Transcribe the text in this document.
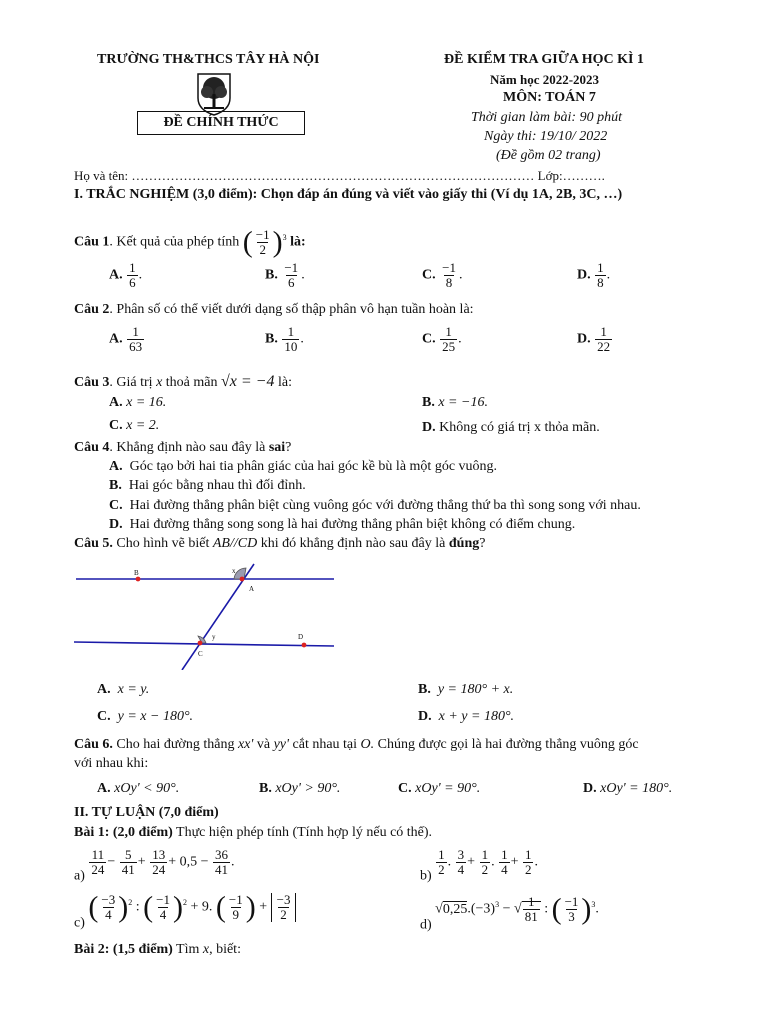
TRƯỜNG TH&THCS TÂY HÀ NỘI
ĐỀ CHÍNH THỨC
ĐỀ KIỂM TRA GIỮA HỌC KÌ 1
Năm học 2022-2023
MÔN: TOÁN 7
Thời gian làm bài: 90 phút
Ngày thi: 19/10/ 2022
(Đề gồm 02 trang)
Họ và tên: ………………………………………………………………………………… Lớp:……….
I. TRẮC NGHIỆM (3,0 điểm): Chọn đáp án đúng và viết vào giấy thi (Ví dụ 1A, 2B, 3C, …)
Câu 1. Kết quả của phép tính ( $\frac{-1}{2} )^3$ là:
A. $\frac{1}{6}$ .	B. $\frac{-1}{6}$ .	C. $\frac{-1}{8}$ .	D. $\frac{1}{8}$ .
Câu 2. Phân số có thể viết dưới dạng số thập phân vô hạn tuần hoàn là:
A. $\frac{1}{63}$	B. $\frac{1}{10}$ .	C. $\frac{1}{25}$ .	D. $\frac{1}{22}$
Câu 3. Giá trị x thoả mãn √x = −4 là:
A. x = 16.	B. x = −16.
C. x = 2.	D. Không có giá trị x thỏa mãn.
Câu 4. Khẳng định nào sau đây là sai?
A. Góc tạo bởi hai tia phân giác của hai góc kề bù là một góc vuông.
B. Hai góc bằng nhau thì đối đỉnh.
C. Hai đường thẳng phân biệt cùng vuông góc với đường thẳng thứ ba thì song song với nhau.
D. Hai đường thẳng song song là hai đường thẳng phân biệt không có điểm chung.
Câu 5. Cho hình vẽ biết AB//CD khi đó khẳng định nào sau đây là đúng?
B	x
A
y
C
D
A. x = y.	B. y = 180° + x.
C. y = x − 180°.	D. x + y = 180°.
Câu 6. Cho hai đường thẳng xx' và yy' cắt nhau tại O. Chúng được gọi là hai đường thẳng vuông góc
với nhau khi:
A. xOy' < 90°.	B. xOy' > 90°.	C. xOy' = 90°.	D. xOy' = 180°.
II. TỰ LUẬN (7,0 điểm)
Bài 1: (2,0 điểm) Thực hiện phép tính (Tính hợp lý nếu có thể).
$a) \frac{11}{24} - \frac{5}{41} + \frac{13}{24} + 0,5 - \frac{36}{41}$ .
$b) \frac{1}{2}$ . $\frac{3}{4} + \frac{1}{2}$ . $\frac{1}{4} + \frac{1}{2}$ .
c) ( $\frac{-3}{4} )^2$ : ( $\frac{-1}{4} )^2 + 9$. ( $\frac{-1}{9}$ ) + $\frac{-3}{2}$
d) $√0,25.(-3)^3$ − √ $\frac{1}{81}$ : ( $\frac{-1}{3} )^3$.
Bài 2: (1,5 điểm) Tìm x, biết:
